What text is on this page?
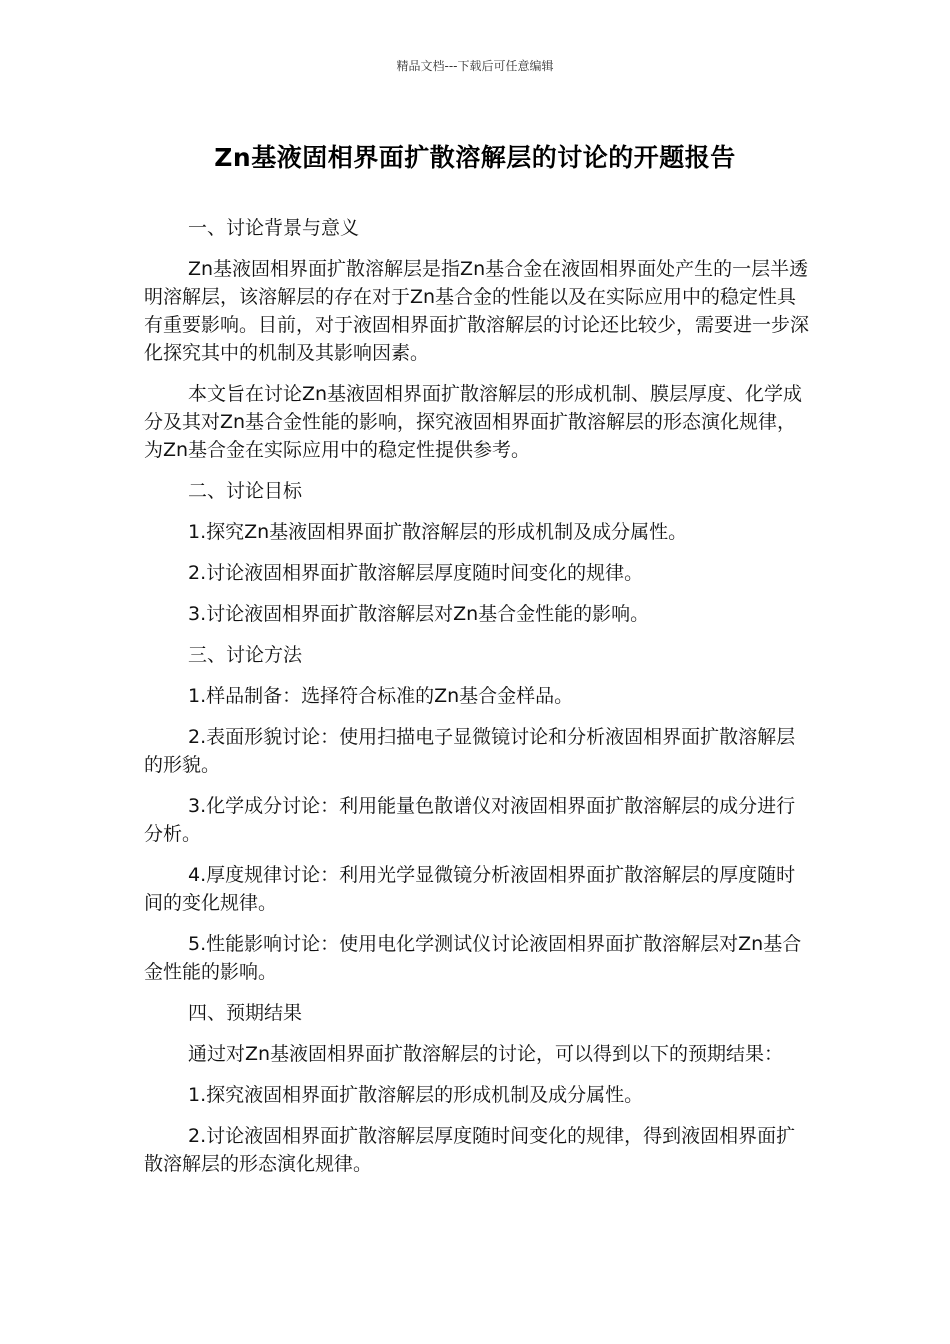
精品文档---下载后可任意编辑
Zn基液固相界面扩散溶解层的讨论的开题报告

一、讨论背景与意义

Zn基液固相界面扩散溶解层是指Zn基合金在液固相界面处产生的一层半透明溶解层，该溶解层的存在对于Zn基合金的性能以及在实际应用中的稳定性具有重要影响。目前，对于液固相界面扩散溶解层的讨论还比较少，需要进一步深化探究其中的机制及其影响因素。

本文旨在讨论Zn基液固相界面扩散溶解层的形成机制、膜层厚度、化学成分及其对Zn基合金性能的影响，探究液固相界面扩散溶解层的形态演化规律，为Zn基合金在实际应用中的稳定性提供参考。

二、讨论目标

1.探究Zn基液固相界面扩散溶解层的形成机制及成分属性。

2.讨论液固相界面扩散溶解层厚度随时间变化的规律。

3.讨论液固相界面扩散溶解层对Zn基合金性能的影响。

三、讨论方法

1.样品制备：选择符合标准的Zn基合金样品。

2.表面形貌讨论：使用扫描电子显微镜讨论和分析液固相界面扩散溶解层的形貌。

3.化学成分讨论：利用能量色散谱仪对液固相界面扩散溶解层的成分进行分析。

4.厚度规律讨论：利用光学显微镜分析液固相界面扩散溶解层的厚度随时间的变化规律。

5.性能影响讨论：使用电化学测试仪讨论液固相界面扩散溶解层对Zn基合金性能的影响。

四、预期结果

通过对Zn基液固相界面扩散溶解层的讨论，可以得到以下的预期结果：

1.探究液固相界面扩散溶解层的形成机制及成分属性。

2.讨论液固相界面扩散溶解层厚度随时间变化的规律，得到液固相界面扩散溶解层的形态演化规律。
